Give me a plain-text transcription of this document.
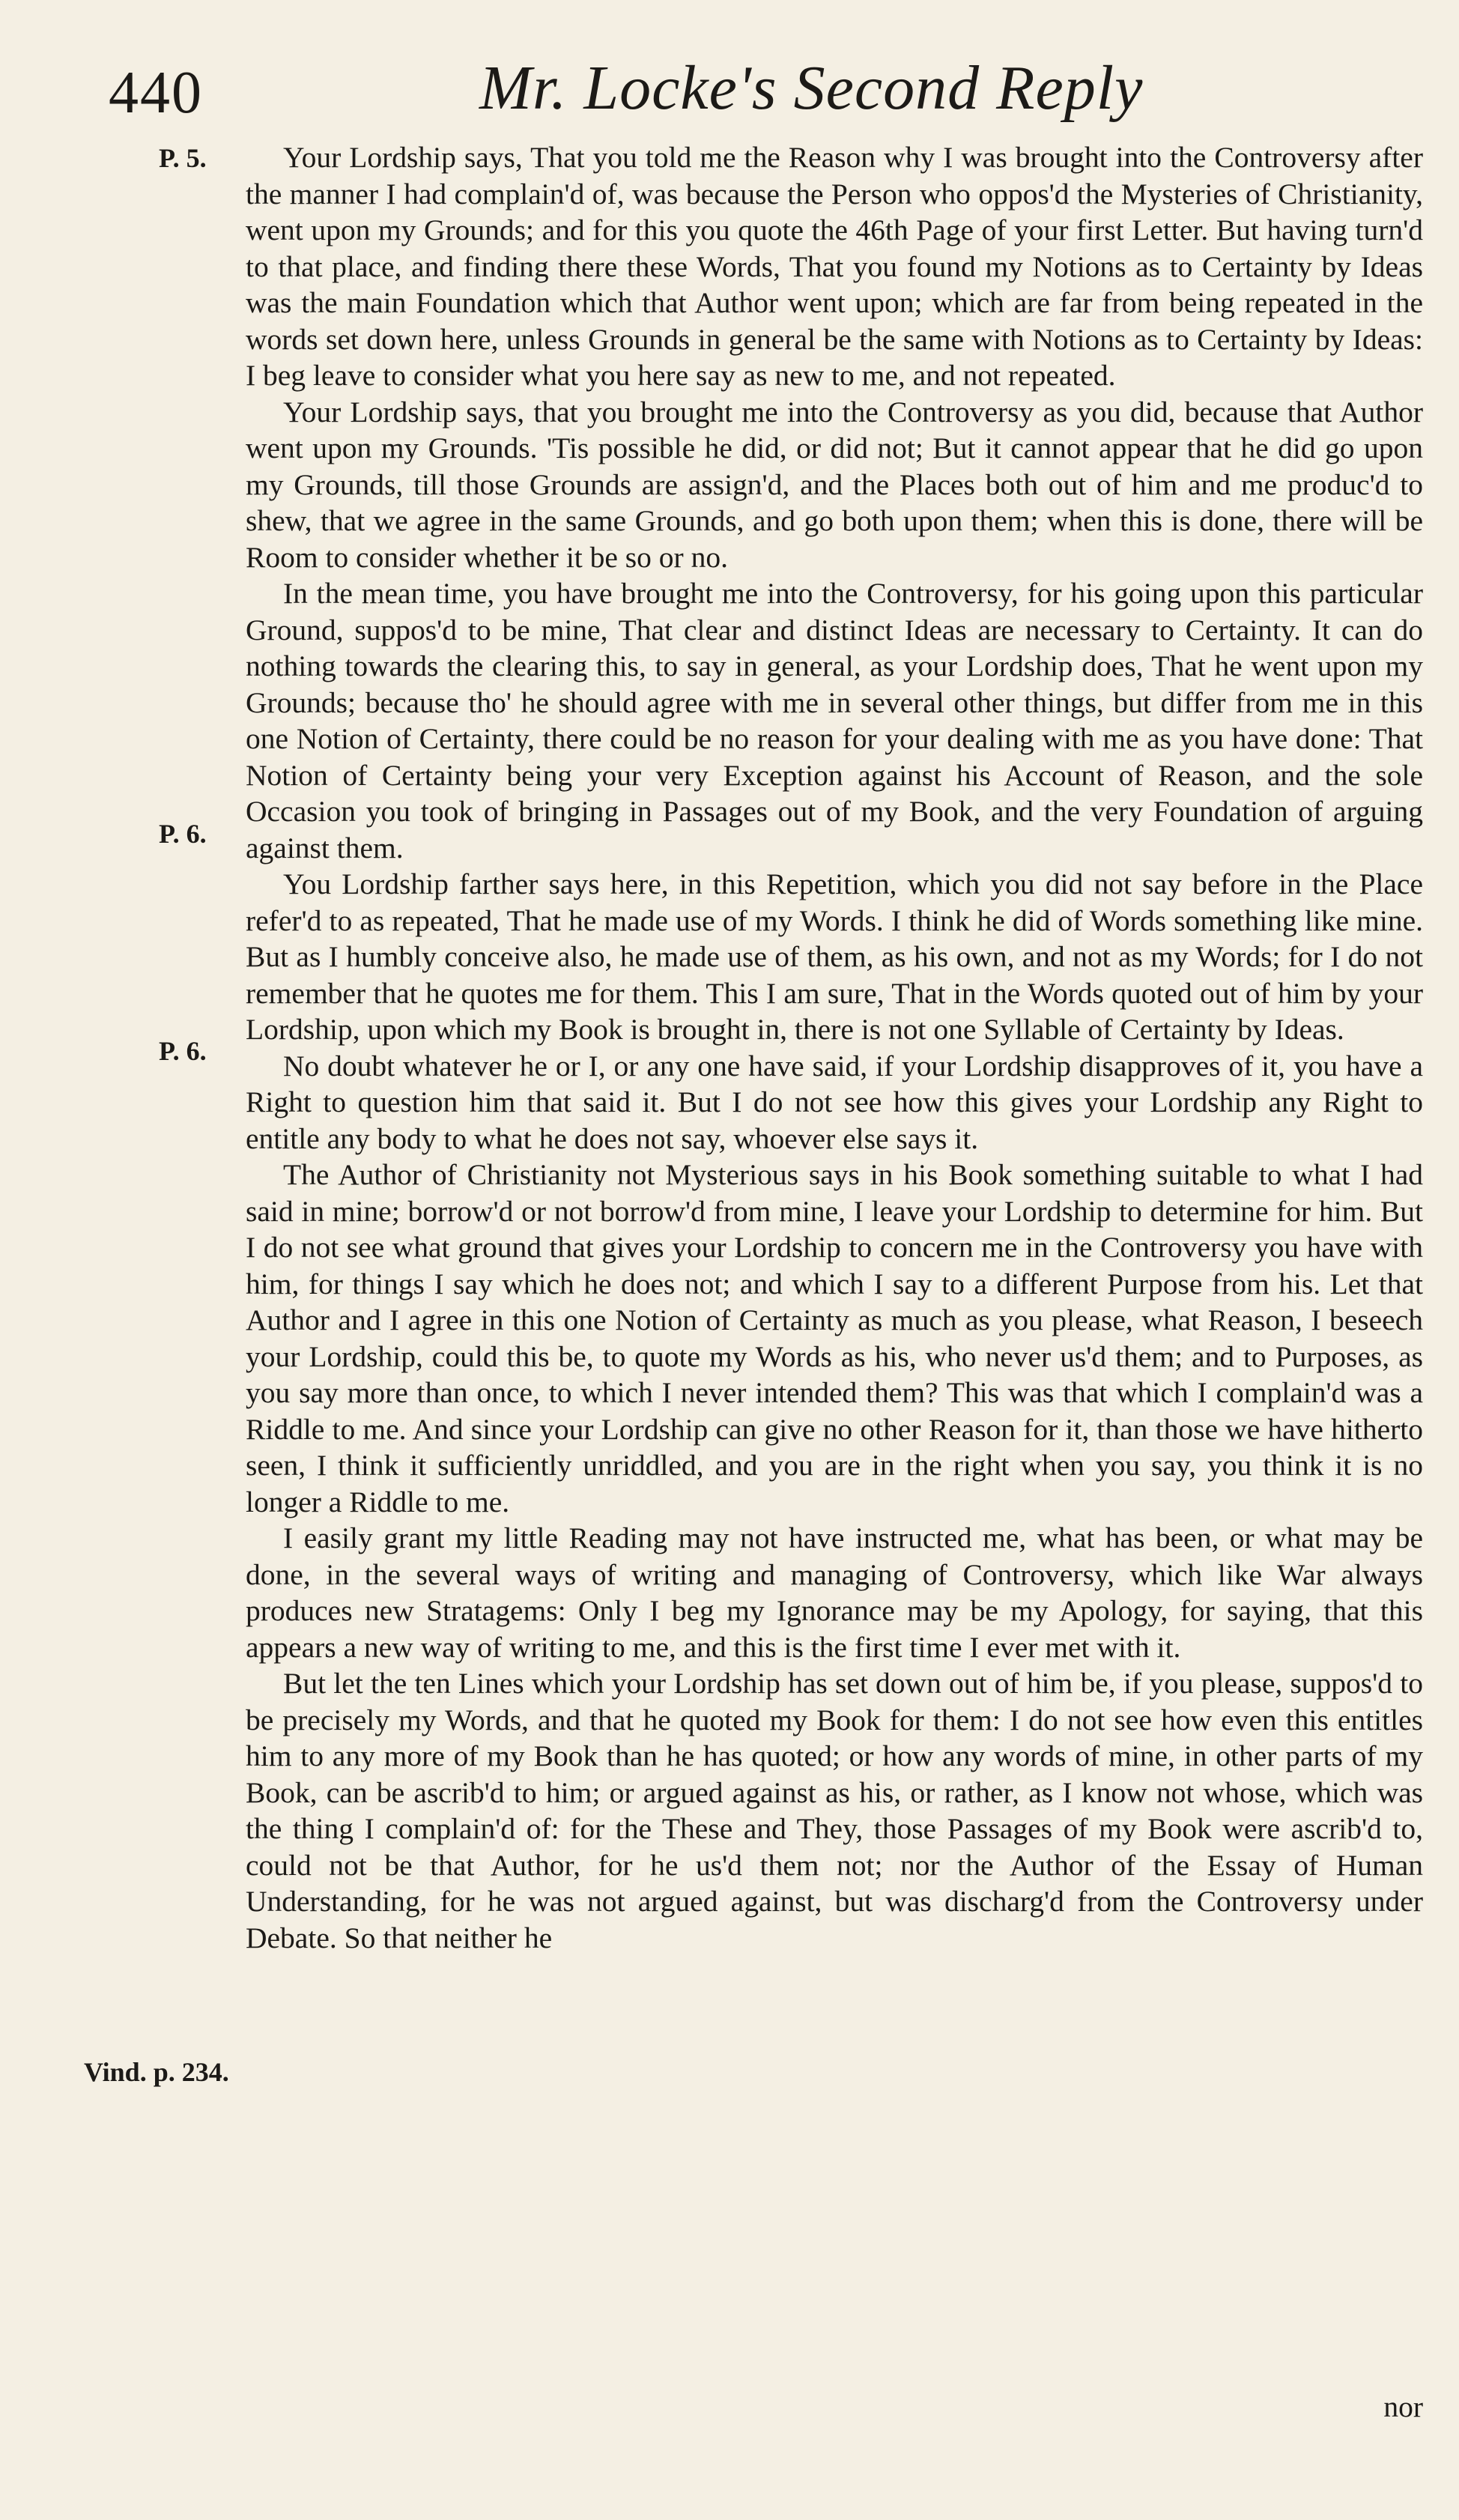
440	Mr. Locke's Second Reply
P. 5.
P. 6.
P. 6.
Vind. p. 234.

Your Lordship says, That you told me the Reason why I was brought into the Controversy after the manner I had complain'd of, was because the Person who oppos'd the Mysteries of Christianity, went upon my Grounds; and for this you quote the 46th Page of your first Letter. But having turn'd to that place, and finding there these Words, That you found my Notions as to Certainty by Ideas was the main Foundation which that Author went upon; which are far from being repeated in the words set down here, unless Grounds in general be the same with Notions as to Certainty by Ideas: I beg leave to consider what you here say as new to me, and not repeated.

Your Lordship says, that you brought me into the Controversy as you did, because that Author went upon my Grounds. 'Tis possible he did, or did not; But it cannot appear that he did go upon my Grounds, till those Grounds are assign'd, and the Places both out of him and me produc'd to shew, that we agree in the same Grounds, and go both upon them; when this is done, there will be Room to consider whether it be so or no.

In the mean time, you have brought me into the Controversy, for his going upon this particular Ground, suppos'd to be mine, That clear and distinct Ideas are necessary to Certainty. It can do nothing towards the clearing this, to say in general, as your Lordship does, That he went upon my Grounds; because tho' he should agree with me in several other things, but differ from me in this one Notion of Certainty, there could be no reason for your dealing with me as you have done: That Notion of Certainty being your very Exception against his Account of Reason, and the sole Occasion you took of bringing in Passages out of my Book, and the very Foundation of arguing against them.

You Lordship farther says here, in this Repetition, which you did not say before in the Place refer'd to as repeated, That he made use of my Words. I think he did of Words something like mine. But as I humbly conceive also, he made use of them, as his own, and not as my Words; for I do not remember that he quotes me for them. This I am sure, That in the Words quoted out of him by your Lordship, upon which my Book is brought in, there is not one Syllable of Certainty by Ideas.

No doubt whatever he or I, or any one have said, if your Lordship disapproves of it, you have a Right to question him that said it. But I do not see how this gives your Lordship any Right to entitle any body to what he does not say, whoever else says it.

The Author of Christianity not Mysterious says in his Book something suitable to what I had said in mine; borrow'd or not borrow'd from mine, I leave your Lordship to determine for him. But I do not see what ground that gives your Lordship to concern me in the Controversy you have with him, for things I say which he does not; and which I say to a different Purpose from his. Let that Author and I agree in this one Notion of Certainty as much as you please, what Reason, I beseech your Lordship, could this be, to quote my Words as his, who never us'd them; and to Purposes, as you say more than once, to which I never intended them? This was that which I complain'd was a Riddle to me. And since your Lordship can give no other Reason for it, than those we have hitherto seen, I think it sufficiently unriddled, and you are in the right when you say, you think it is no longer a Riddle to me.

I easily grant my little Reading may not have instructed me, what has been, or what may be done, in the several ways of writing and managing of Controversy, which like War always produces new Stratagems: Only I beg my Ignorance may be my Apology, for saying, that this appears a new way of writing to me, and this is the first time I ever met with it.

But let the ten Lines which your Lordship has set down out of him be, if you please, suppos'd to be precisely my Words, and that he quoted my Book for them: I do not see how even this entitles him to any more of my Book than he has quoted; or how any words of mine, in other parts of my Book, can be ascrib'd to him; or argued against as his, or rather, as I know not whose, which was the thing I complain'd of: for the These and They, those Passages of my Book were ascrib'd to, could not be that Author, for he us'd them not; nor the Author of the Essay of Human Understanding, for he was not argued against, but was discharg'd from the Controversy under Debate. So that neither he

nor
